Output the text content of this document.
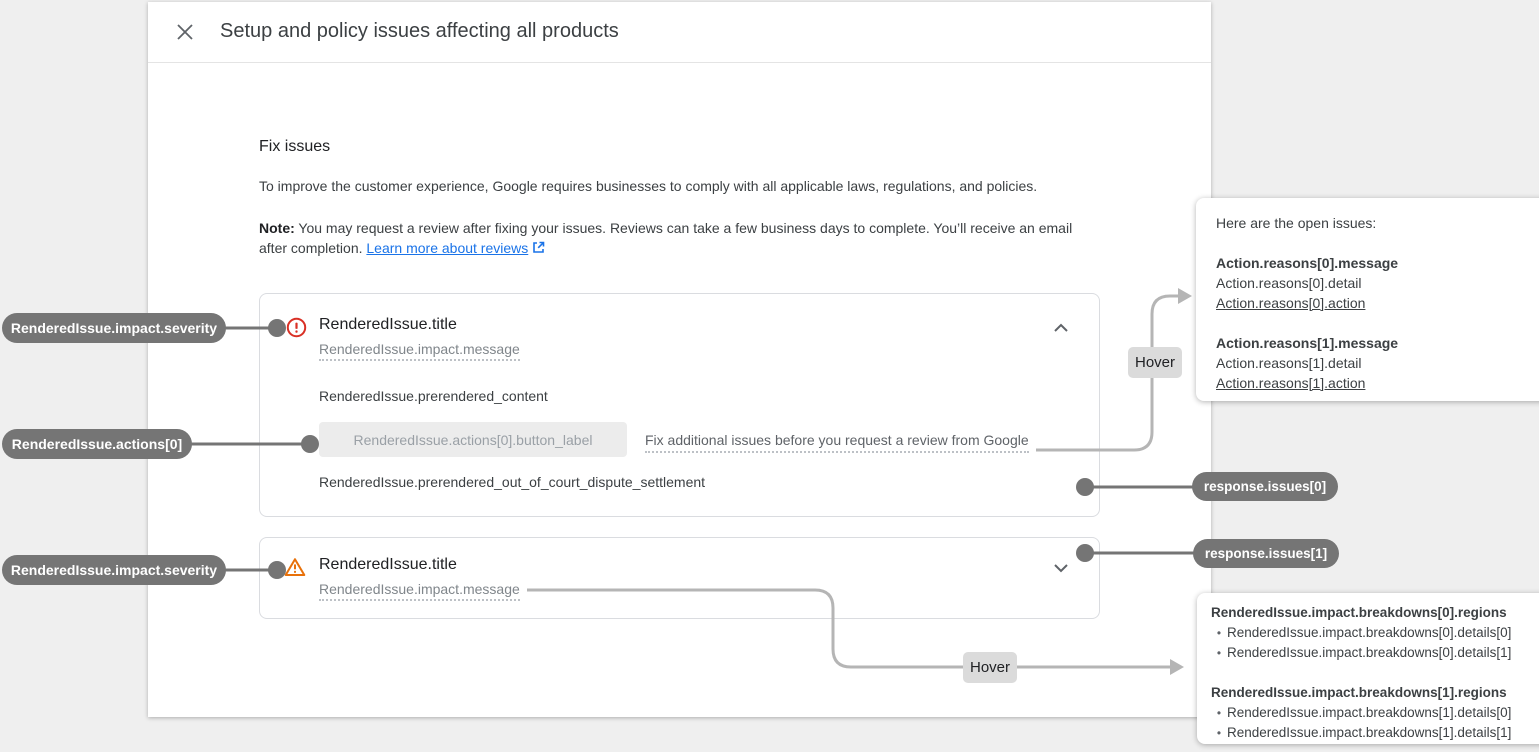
Setup and policy issues affecting all products
Fix issues
To improve the customer experience, Google requires businesses to comply with all applicable laws, regulations, and policies.
Note: You may request a review after fixing your issues. Reviews can take a few business days to complete. You’ll receive an email after completion. Learn more about reviews
RenderedIssue.title
RenderedIssue.impact.message
RenderedIssue.prerendered_content
RenderedIssue.actions[0].button_label	Fix additional issues before you request a review from Google
RenderedIssue.prerendered_out_of_court_dispute_settlement
RenderedIssue.title
RenderedIssue.impact.message
RenderedIssue.impact.severity
RenderedIssue.actions[0]
RenderedIssue.impact.severity
response.issues[0]
response.issues[1]
Hover
Hover
Here are the open issues:
Action.reasons[0].message
Action.reasons[0].detail
Action.reasons[0].action
Action.reasons[1].message
Action.reasons[1].detail
Action.reasons[1].action
RenderedIssue.impact.breakdowns[0].regions
• RenderedIssue.impact.breakdowns[0].details[0]
• RenderedIssue.impact.breakdowns[0].details[1]
RenderedIssue.impact.breakdowns[1].regions
• RenderedIssue.impact.breakdowns[1].details[0]
• RenderedIssue.impact.breakdowns[1].details[1]
